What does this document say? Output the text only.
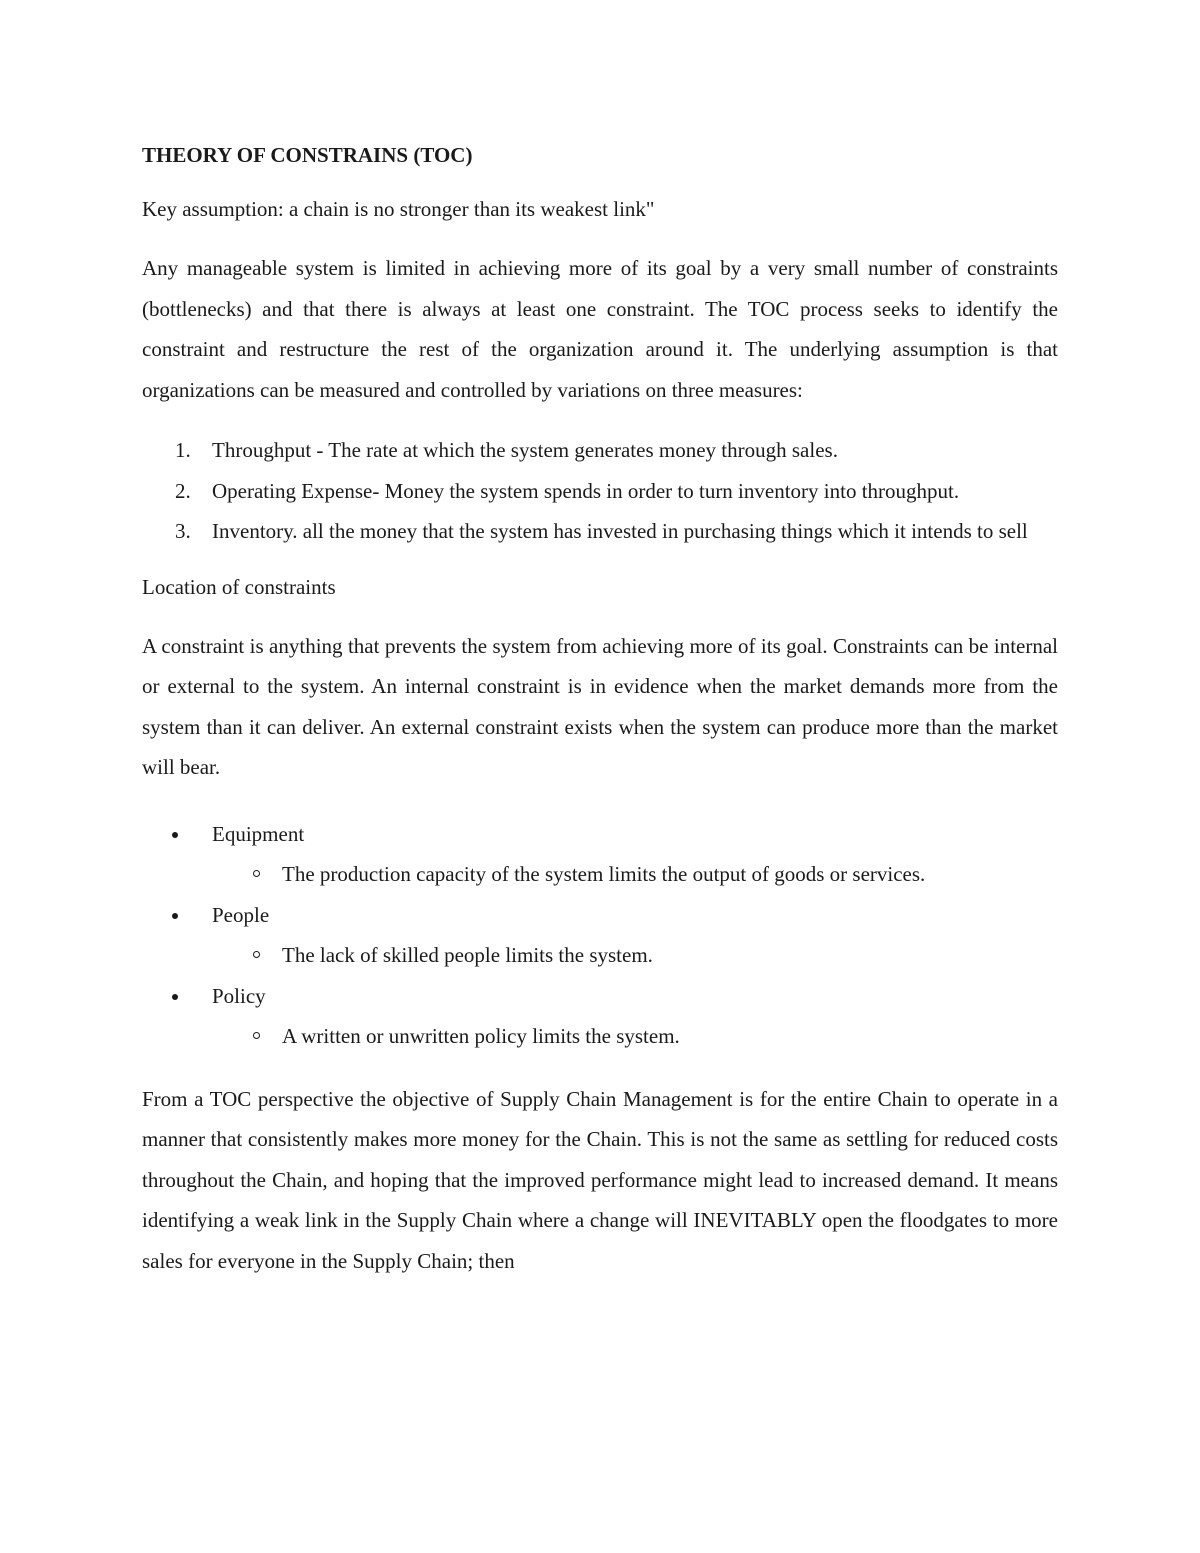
THEORY OF CONSTRAINS (TOC)
Key assumption: a chain is no stronger than its weakest link"

Any manageable system is limited in achieving more of its goal by a very small number of constraints (bottlenecks) and that there is always at least one constraint. The TOC process seeks to identify the constraint and restructure the rest of the organization around it. The underlying assumption is that organizations can be measured and controlled by variations on three measures:

1. Throughput - The rate at which the system generates money through sales.
2. Operating Expense- Money the system spends in order to turn inventory into throughput.
3. Inventory. all the money that the system has invested in purchasing things which it intends to sell
Location of constraints

A constraint is anything that prevents the system from achieving more of its goal. Constraints can be internal or external to the system. An internal constraint is in evidence when the market demands more from the system than it can deliver. An external constraint exists when the system can produce more than the market will bear.

Equipment
The production capacity of the system limits the output of goods or services.
People
The lack of skilled people limits the system.
Policy
A written or unwritten policy limits the system.

From a TOC perspective the objective of Supply Chain Management is for the entire Chain to operate in a manner that consistently makes more money for the Chain. This is not the same as settling for reduced costs throughout the Chain, and hoping that the improved performance might lead to increased demand. It means identifying a weak link in the Supply Chain where a change will INEVITABLY open the floodgates to more sales for everyone in the Supply Chain; then
